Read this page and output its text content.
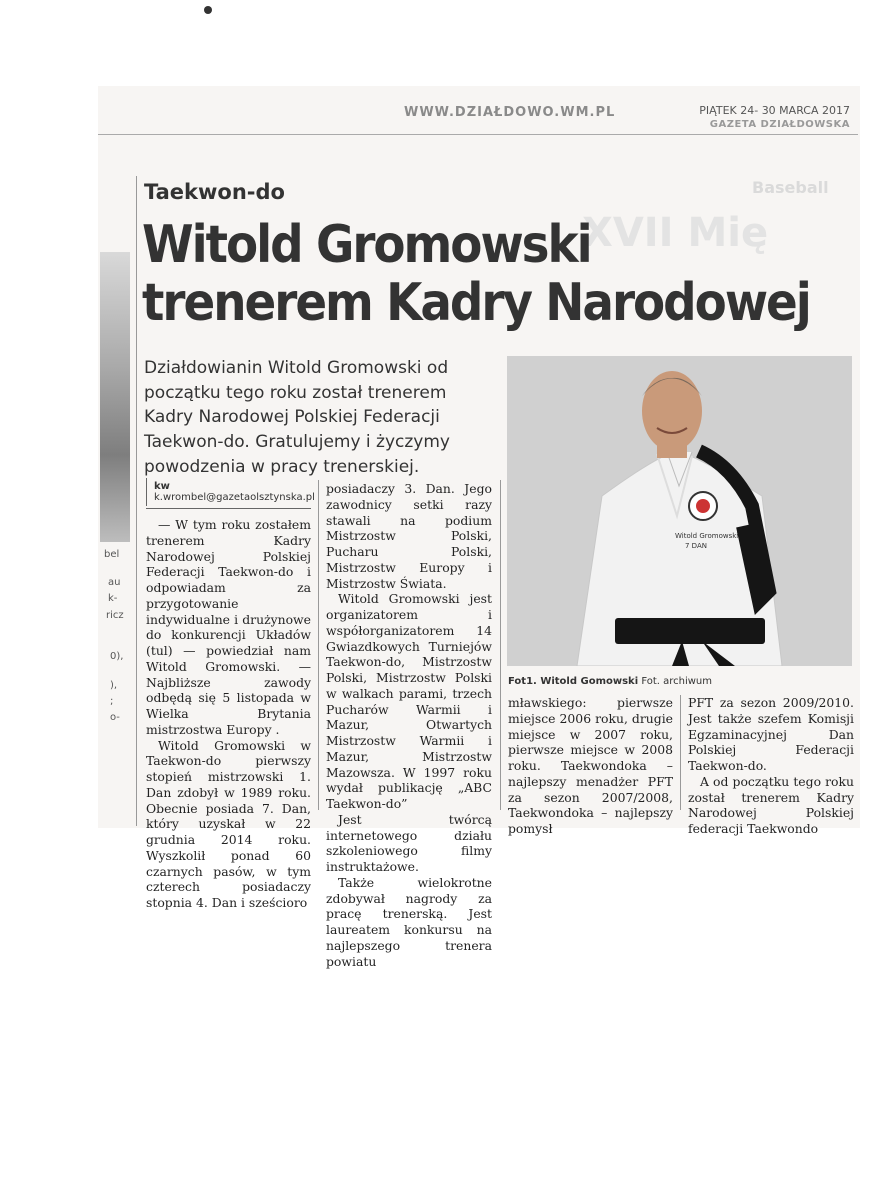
WWW.DZIAŁDOWO.WM.PL	PIĄTEK 24- 30 MARCA 2017
GAZETA DZIAŁDOWSKA
XVII Mię
Baseball
bel
au
k-
ricz
0),
),
;
o-
Taekwon-do
Witold Gromowski
trenerem Kadry Narodowej
Działdowianin Witold Gromowski od początku tego roku został trenerem Kadry Narodowej Polskiej Federacji Taekwon-do. Gratulujemy i życzymy powodzenia w pracy trenerskiej.
kw
k.wrombel@gazetaolsztynska.pl

— W tym roku zostałem trenerem Kadry Narodowej Polskiej Federacji Taekwon-do i odpowiadam za przygotowanie indywidualne i drużynowe do konkurencji Układów (tul) — powiedział nam Witold Gromowski. — Najbliższe zawody odbędą się 5 listopada w Wielka Brytania mistrzostwa Europy .

Witold Gromowski w Taekwon-do pierwszy stopień mistrzowski 1. Dan zdobył w 1989 roku. Obecnie posiada 7. Dan, który uzyskał w 22 grudnia 2014 roku. Wyszkolił ponad 60 czarnych pasów, w tym czterech posiadaczy stopnia 4. Dan i sześcioro

posiadaczy 3. Dan. Jego zawodnicy setki razy stawali na podium Mistrzostw Polski, Pucharu Polski, Mistrzostw Europy i Mistrzostw Świata.

Witold Gromowski jest organizatorem i współorganizatorem 14 Gwiazdkowych Turniejów Taekwon-do, Mistrzostw Polski, Mistrzostw Polski w walkach parami, trzech Pucharów Warmii i Mazur, Otwartych Mistrzostw Warmii i Mazur, Mistrzostw Mazowsza. W 1997 roku wydał publikację „ABC Taekwon-do”

Jest twórcą internetowego działu szkoleniowego filmy instruktażowe.

Także wielokrotne zdobywał nagrody za pracę trenerską. Jest laureatem konkursu na najlepszego trenera powiatu

mławskiego: pierwsze miejsce 2006 roku, drugie miejsce w 2007 roku, pierwsze miejsce w 2008 roku. Taekwondoka – najlepszy menadżer PFT za sezon 2007/2008, Taekwondoka – najlepszy pomysł

PFT za sezon 2009/2010. Jest także szefem Komisji Egzaminacyjnej Dan Polskiej Federacji Taekwon-do.

A od początku tego roku został trenerem Kadry Narodowej Polskiej federacji Taekwondo

Witold Gromowski
7 DAN
Fot1. Witold Gomowski Fot. archiwum
